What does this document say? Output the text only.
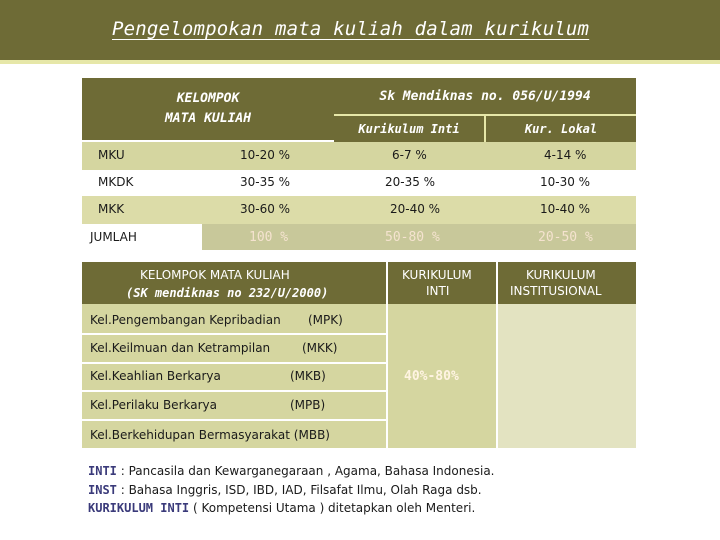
Pengelompokan mata kuliah dalam kurikulum
KELOMPOK
MATA KULIAH
Sk Mendiknas no. 056/U/1994
Kurikulum Inti	Kur. Lokal
MKU	10-20 %	6-7 %	4-14 %
MKDK	30-35 %	20-35 %	10-30 %
MKK	30-60 %	20-40 %	10-40 %
JUMLAH	100 %	50-80 %	20-50 %
KELOMPOK MATA KULIAH
(SK mendiknas no 232/U/2000)
KURIKULUM
INTI
KURIKULUM
INSTITUSIONAL
Kel.Pengembangan Kepribadian (MPK)
Kel.Keilmuan dan Ketrampilan	(MKK)
Kel.Keahlian Berkarya	(MKB)
Kel.Perilaku Berkarya	(MPB)
Kel.Berkehidupan Bermasyarakat (MBB)
40%-80%
INTI : Pancasila dan Kewarganegaraan , Agama, Bahasa Indonesia.
INST : Bahasa Inggris, ISD, IBD, IAD, Filsafat Ilmu, Olah Raga dsb.
KURIKULUM INTI ( Kompetensi Utama ) ditetapkan oleh Menteri.
